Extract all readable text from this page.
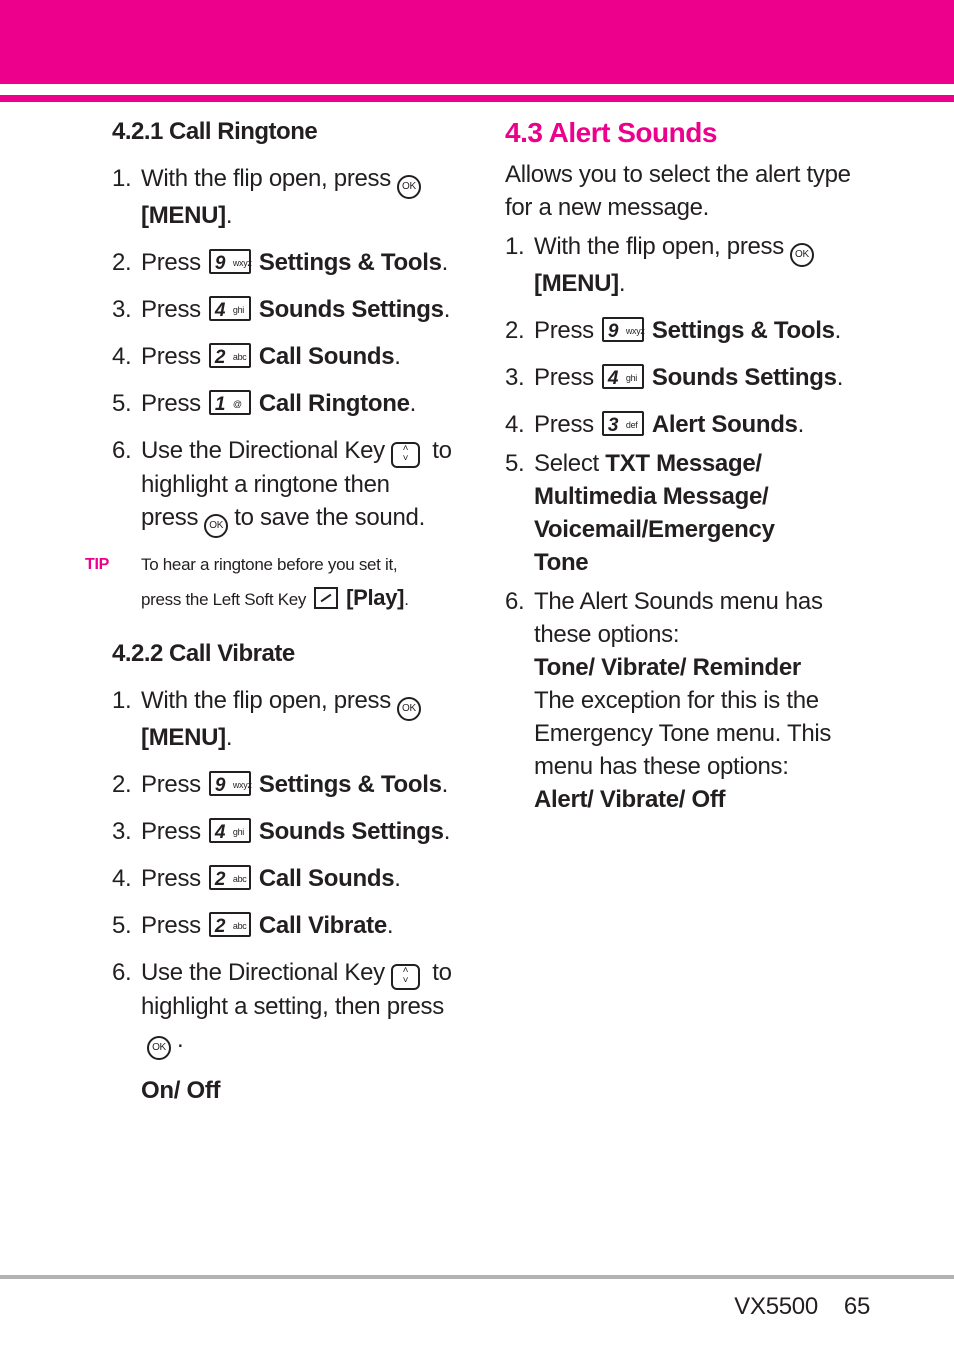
4.2.1 Call Ringtone
1. With the flip open, press OK
[MENU].
2. Press 9 wxyz Settings & Tools.
3. Press 4 ghi Sounds Settings.
4. Press 2 abc Call Sounds.
5. Press 1 @ Call Ringtone.
6. Use the Directional Key ˄
˅ to highlight a ringtone then press OK to save the sound.
TIP To hear a ringtone before you set it,
press the Left Soft Key [Play].
4.2.2 Call Vibrate
1. With the flip open, press OK
[MENU].
2. Press 9 wxyz Settings & Tools.
3. Press 4 ghi Sounds Settings.
4. Press 2 abc Call Sounds.
5. Press 2 abc Call Vibrate.
6. Use the Directional Key ˄
˅ to highlight a setting, then pressOK .
On/ Off
4.3 Alert Sounds

Allows you to select the alert type for a new message.

1. With the flip open, press OK
[MENU].
2. Press 9 wxyz Settings & Tools.
3. Press 4 ghi Sounds Settings.
4. Press 3 def Alert Sounds.
5. Select TXT Message/ Multimedia Message/ Voicemail/Emergency Tone
6. The Alert Sounds menu has these options:
Tone/ Vibrate/ Reminder
The exception for this is the Emergency Tone menu. This menu has these options:
Alert/ Vibrate/ Off
VX5500 65
